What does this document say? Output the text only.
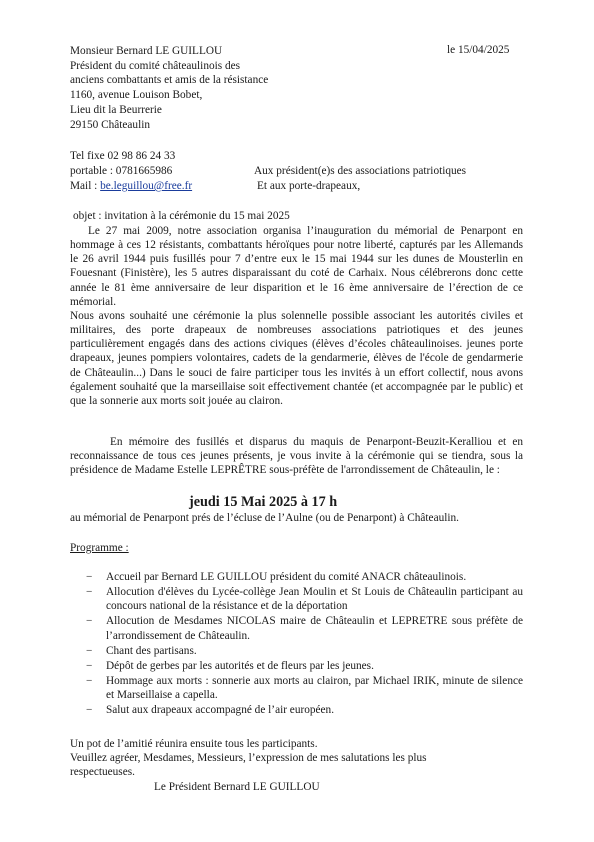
Monsieur Bernard LE GUILLOU
Président du comité châteaulinois des
anciens combattants et amis de la résistance
1160, avenue Louison Bobet,
Lieu dit la Beurrerie
29150 Châteaulin
le 15/04/2025
Tel fixe 02 98 86 24 33
portable : 0781665986
Mail : be.leguillou@free.fr
Aux président(e)s des associations patriotiques
Et aux porte-drapeaux,
objet : invitation à la cérémonie du 15 mai 2025
Le 27 mai 2009, notre association organisa l’inauguration du mémorial de Penarpont en hommage à ces 12 résistants, combattants héroïques pour notre liberté, capturés par les Allemands le 26 avril 1944 puis fusillés pour 7 d’entre eux le 15 mai 1944 sur les dunes de Mousterlin en Fouesnant (Finistère), les 5 autres disparaissant du coté de Carhaix. Nous célébrerons donc cette année le 81 ème anniversaire de leur disparition et le 16 ème anniversaire de l’érection de ce mémorial.
Nous avons souhaité une cérémonie la plus solennelle possible associant les autorités civiles et militaires, des porte drapeaux de nombreuses associations patriotiques et des jeunes particulièrement engagés dans des actions civiques (élèves d’écoles châteaulinoises. jeunes porte drapeaux, jeunes pompiers volontaires, cadets de la gendarmerie, élèves de l'école de gendarmerie de Châteaulin...) Dans le souci de faire participer tous les invités à un effort collectif, nous avons également souhaité que la marseillaise soit effectivement chantée (et accompagnée par le public) et que la sonnerie aux morts soit jouée au clairon.
En mémoire des fusillés et disparus du maquis de Penarpont-Beuzit-Keralliou et en reconnaissance de tous ces jeunes présents, je vous invite à la cérémonie qui se tiendra, sous la présidence de Madame Estelle LEPRÊTRE sous-préfète de l'arrondissement de Châteaulin, le :
jeudi 15 Mai 2025 à 17 h
au mémorial de Penarpont prés de l’écluse de l’Aulne (ou de Penarpont) à Châteaulin.
Programme :
− Accueil par Bernard LE GUILLOU président du comité ANACR châteaulinois.
− Allocution d'élèves du Lycée-collège Jean Moulin et St Louis de Châteaulin participant au concours national de la résistance et de la déportation
− Allocution de Mesdames NICOLAS maire de Châteaulin et LEPRETRE sous préfète de l’arrondissement de Châteaulin.
− Chant des partisans.
− Dépôt de gerbes par les autorités et de fleurs par les jeunes.
− Hommage aux morts : sonnerie aux morts au clairon, par Michael IRIK, minute de silence et Marseillaise a capella.
− Salut aux drapeaux accompagné de l’air européen.
Un pot de l’amitié réunira ensuite tous les participants.
Veuillez agréer, Mesdames, Messieurs, l’expression de mes salutations les plus respectueuses.
Le Président Bernard LE GUILLOU
